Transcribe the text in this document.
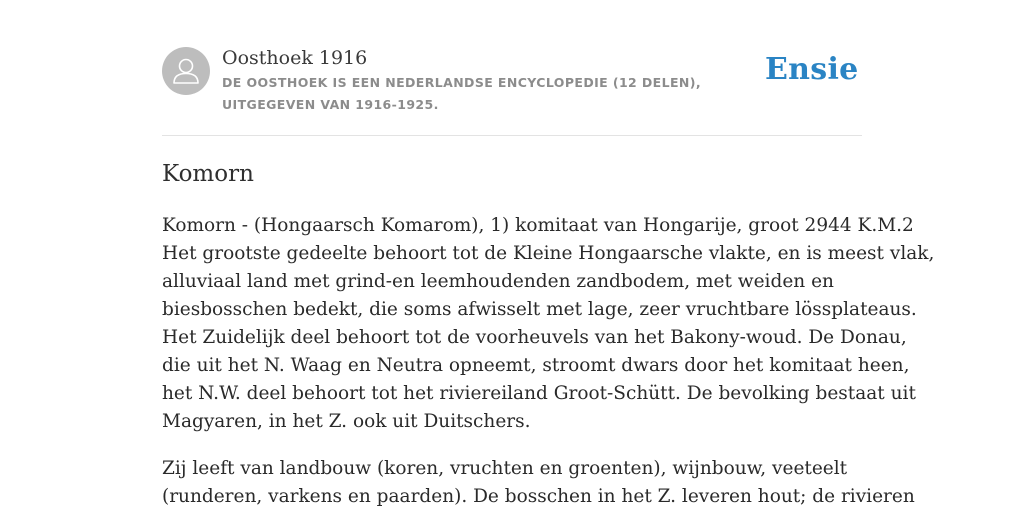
Oosthoek 1916
DE OOSTHOEK IS EEN NEDERLANDSE ENCYCLOPEDIE (12 DELEN), UITGEGEVEN VAN 1916-1925.
Ensie
Komorn
Komorn - (Hongaarsch Komarom), 1) komitaat van Hongarije, groot 2944 K.M.2
Het grootste gedeelte behoort tot de Kleine Hongaarsche vlakte, en is meest vlak,
alluviaal land met grind-en leemhoudenden zandbodem, met weiden en
biesbosschen bedekt, die soms afwisselt met lage, zeer vruchtbare lössplateaus.
Het Zuidelijk deel behoort tot de voorheuvels van het Bakony-woud. De Donau,
die uit het N. Waag en Neutra opneemt, stroomt dwars door het komitaat heen,
het N.W. deel behoort tot het riviereiland Groot-Schütt. De bevolking bestaat uit
Magyaren, in het Z. ook uit Duitschers.
Zij leeft van landbouw (koren, vruchten en groenten), wijnbouw, veeteelt
(runderen, varkens en paarden). De bosschen in het Z. leveren hout; de rivieren
